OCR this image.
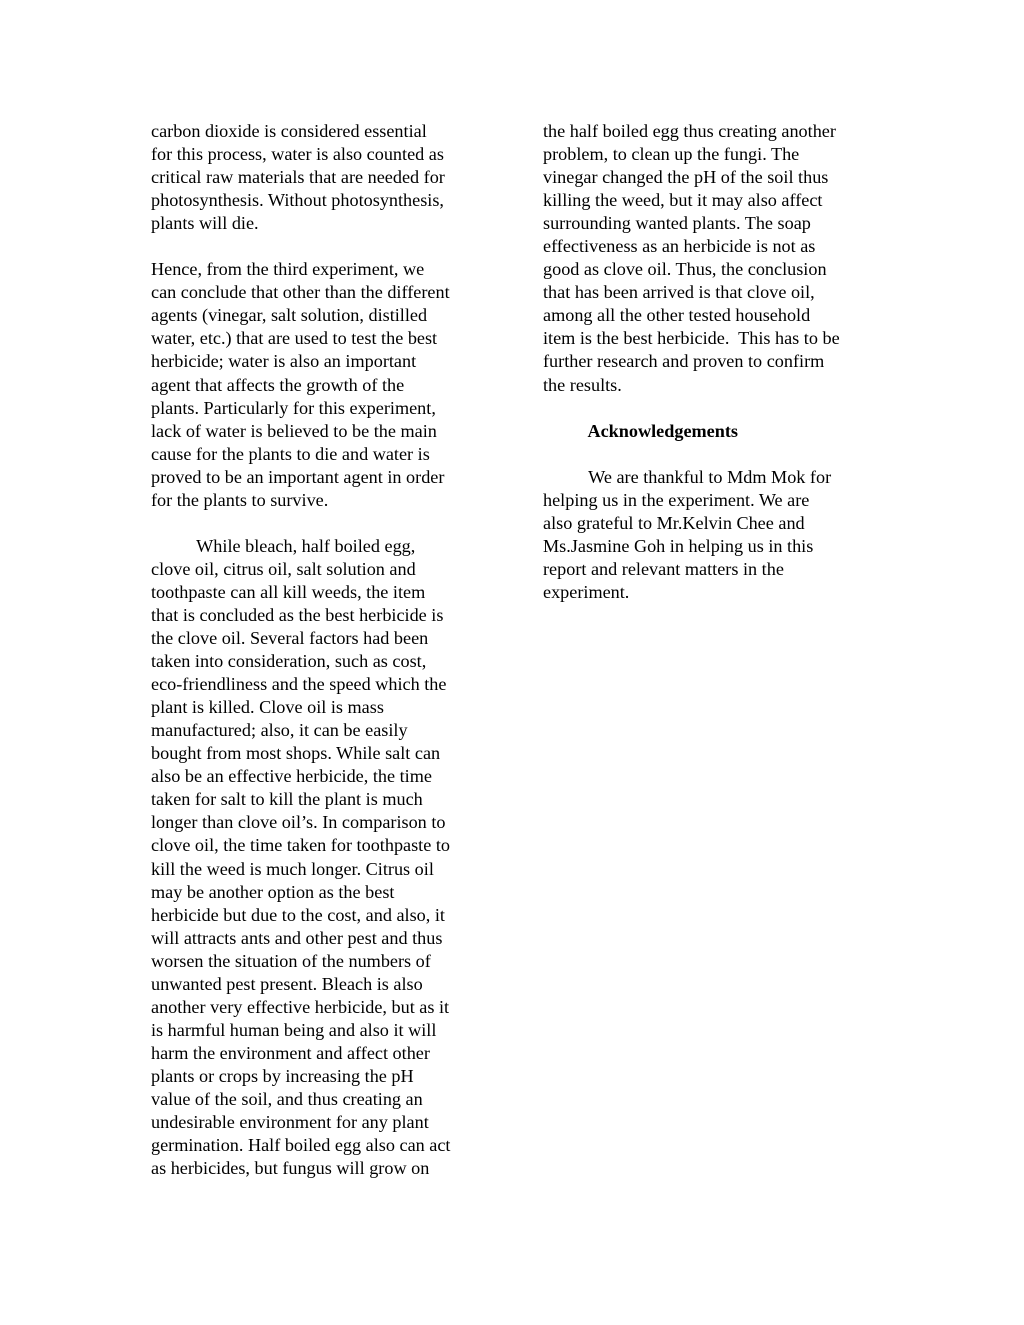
carbon dioxide is considered essential
for this process, water is also counted as
critical raw materials that are needed for
photosynthesis. Without photosynthesis,
plants will die.
Hence, from the third experiment, we
can conclude that other than the different
agents (vinegar, salt solution, distilled
water, etc.) that are used to test the best
herbicide; water is also an important
agent that affects the growth of the
plants. Particularly for this experiment,
lack of water is believed to be the main
cause for the plants to die and water is
proved to be an important agent in order
for the plants to survive.
While bleach, half boiled egg,
clove oil, citrus oil, salt solution and
toothpaste can all kill weeds, the item
that is concluded as the best herbicide is
the clove oil. Several factors had been
taken into consideration, such as cost,
eco-friendliness and the speed which the
plant is killed. Clove oil is mass
manufactured; also, it can be easily
bought from most shops. While salt can
also be an effective herbicide, the time
taken for salt to kill the plant is much
longer than clove oil’s. In comparison to
clove oil, the time taken for toothpaste to
kill the weed is much longer. Citrus oil
may be another option as the best
herbicide but due to the cost, and also, it
will attracts ants and other pest and thus
worsen the situation of the numbers of
unwanted pest present. Bleach is also
another very effective herbicide, but as it
is harmful human being and also it will
harm the environment and affect other
plants or crops by increasing the pH
value of the soil, and thus creating an
undesirable environment for any plant
germination. Half boiled egg also can act
as herbicides, but fungus will grow on
the half boiled egg thus creating another
problem, to clean up the fungi. The
vinegar changed the pH of the soil thus
killing the weed, but it may also affect
surrounding wanted plants. The soap
effectiveness as an herbicide is not as
good as clove oil. Thus, the conclusion
that has been arrived is that clove oil,
among all the other tested household
item is the best herbicide.  This has to be
further research and proven to confirm
the results.
Acknowledgements
We are thankful to Mdm Mok for
helping us in the experiment. We are
also grateful to Mr.Kelvin Chee and
Ms.Jasmine Goh in helping us in this
report and relevant matters in the
experiment.
